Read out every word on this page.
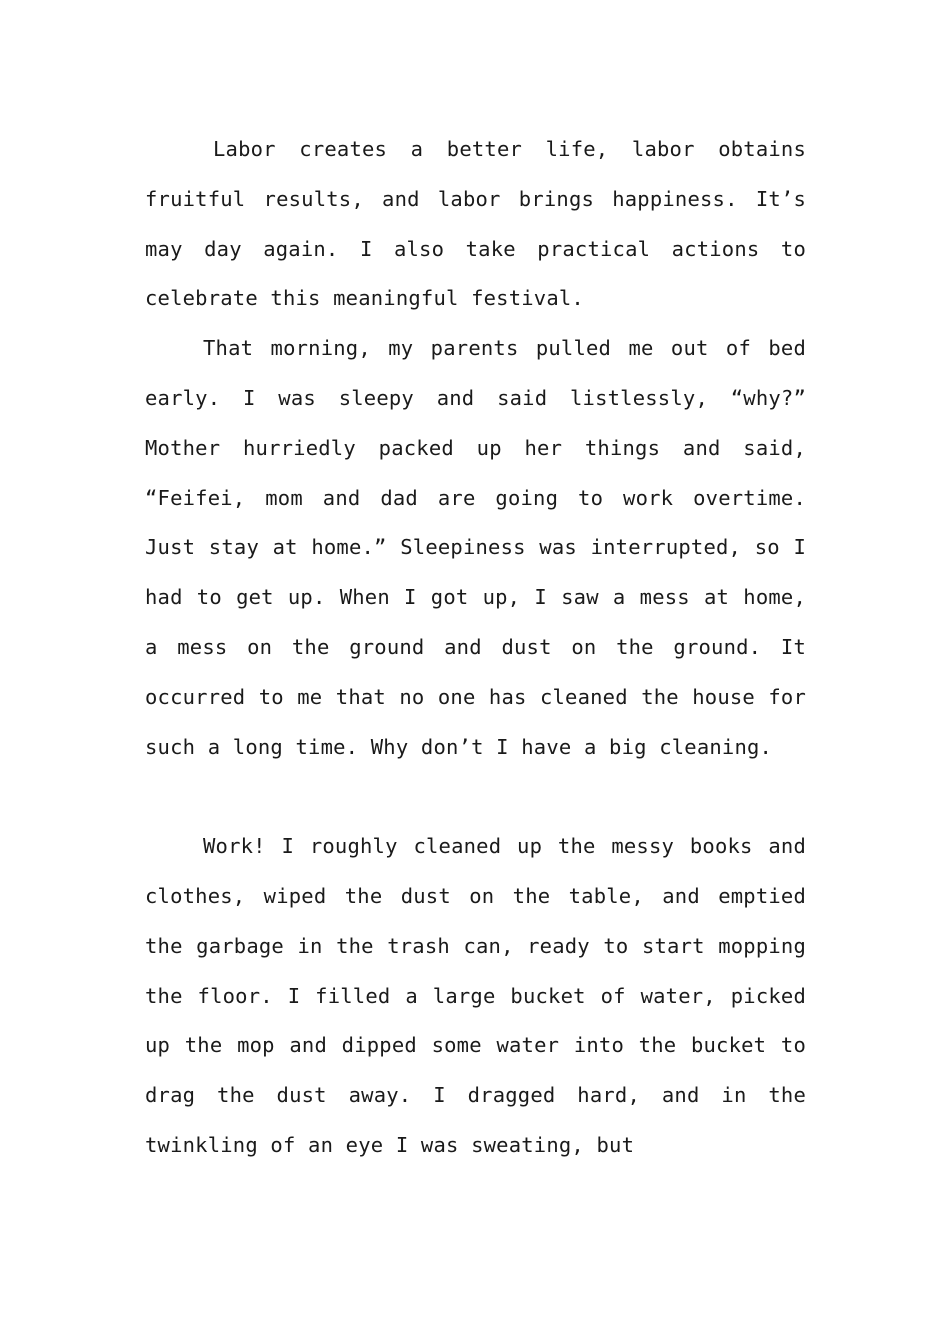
Labor creates a better life, labor obtains fruitful results, and labor brings happiness. It’s may day again. I also take practical actions to celebrate this meaningful festival.

That morning, my parents pulled me out of bed early. I was sleepy and said listlessly, “why?” Mother hurriedly packed up her things and said, “Feifei, mom and dad are going to work overtime. Just stay at home.” Sleepiness was interrupted, so I had to get up. When I got up, I saw a mess at home, a mess on the ground and dust on the ground. It occurred to me that no one has cleaned the house for such a long time. Why don’t I have a big cleaning.

Work! I roughly cleaned up the messy books and clothes, wiped the dust on the table, and emptied the garbage in the trash can, ready to start mopping the floor. I filled a large bucket of water, picked up the mop and dipped some water into the bucket to drag the dust away. I dragged hard, and in the twinkling of an eye I was sweating, but
